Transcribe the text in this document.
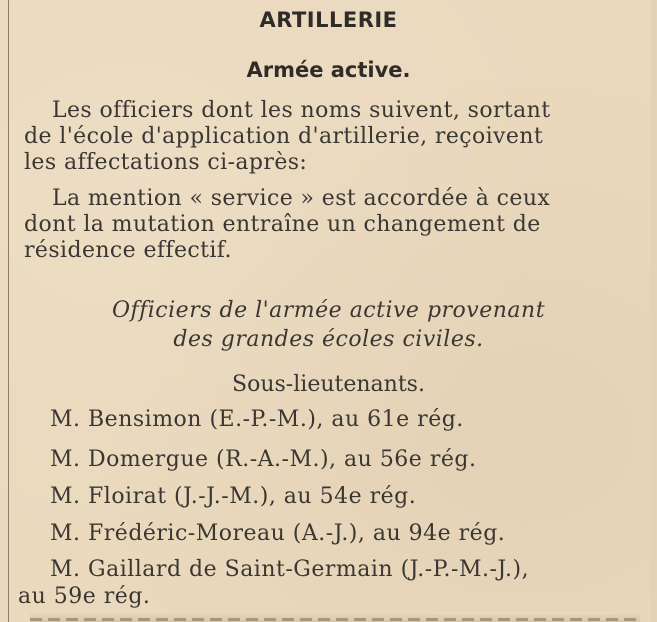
ARTILLERIE
Armée active.
Les officiers dont les noms suivent, sortant
de l'école d'application d'artillerie, reçoivent
les affectations ci-après:
La mention « service » est accordée à ceux
dont la mutation entraîne un changement de
résidence effectif.
Officiers de l'armée active provenant
des grandes écoles civiles.
Sous-lieutenants.
M. Bensimon (E.-P.-M.), au 61e rég.
M. Domergue (R.-A.-M.), au 56e rég.
M. Floirat (J.-J.-M.), au 54e rég.
M. Frédéric-Moreau (A.-J.), au 94e rég.
M. Gaillard de Saint-Germain (J.-P.-M.-J.),
au 59e rég.
